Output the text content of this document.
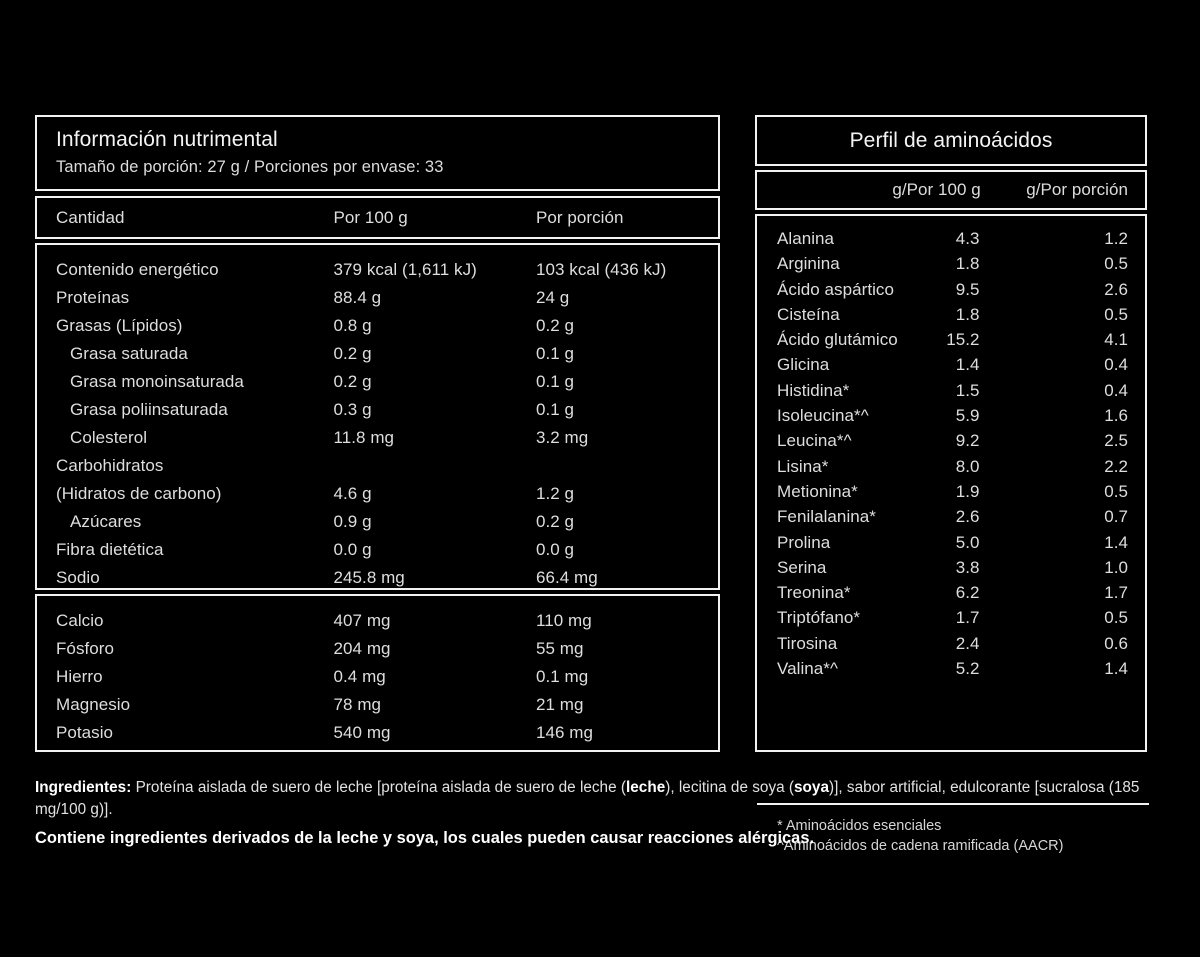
Información nutrimental
Tamaño de porción: 27 g / Porciones por envase: 33
Cantidad	Por 100 g	Por porción
Contenido energético	379 kcal (1,611 kJ)	103 kcal (436 kJ)
Proteínas	88.4 g	24 g
Grasas (Lípidos)	0.8 g	0.2 g
Grasa saturada	0.2 g	0.1 g
Grasa monoinsaturada	0.2 g	0.1 g
Grasa poliinsaturada	0.3 g	0.1 g
Colesterol	11.8 mg	3.2 mg
Carbohidratos		
(Hidratos de carbono)	4.6 g	1.2 g
Azúcares	0.9 g	0.2 g
Fibra dietética	0.0 g	0.0 g
Sodio	245.8 mg	66.4 mg
Calcio	407 mg	110 mg
Fósforo	204 mg	55 mg
Hierro	0.4 mg	0.1 mg
Magnesio	78 mg	21 mg
Potasio	540 mg	146 mg
Perfil de aminoácidos
	g/Por 100 g	g/Por porción
Alanina	4.3	1.2
Arginina	1.8	0.5
Ácido aspártico	9.5	2.6
Cisteína	1.8	0.5
Ácido glutámico	15.2	4.1
Glicina	1.4	0.4
Histidina*	1.5	0.4
Isoleucina*^	5.9	1.6
Leucina*^	9.2	2.5
Lisina*	8.0	2.2
Metionina*	1.9	0.5
Fenilalanina*	2.6	0.7
Prolina	5.0	1.4
Serina	3.8	1.0
Treonina*	6.2	1.7
Triptófano*	1.7	0.5
Tirosina	2.4	0.6
Valina*^	5.2	1.4
* Aminoácidos esenciales
^Aminoácidos de cadena ramificada (AACR)

Ingredientes: Proteína aislada de suero de leche [proteína aislada de suero de leche (leche), lecitina de soya (soya)], sabor artificial, edulcorante [sucralosa (185 mg/100 g)].

Contiene ingredientes derivados de la leche y soya, los cuales pueden causar reacciones alérgicas.
